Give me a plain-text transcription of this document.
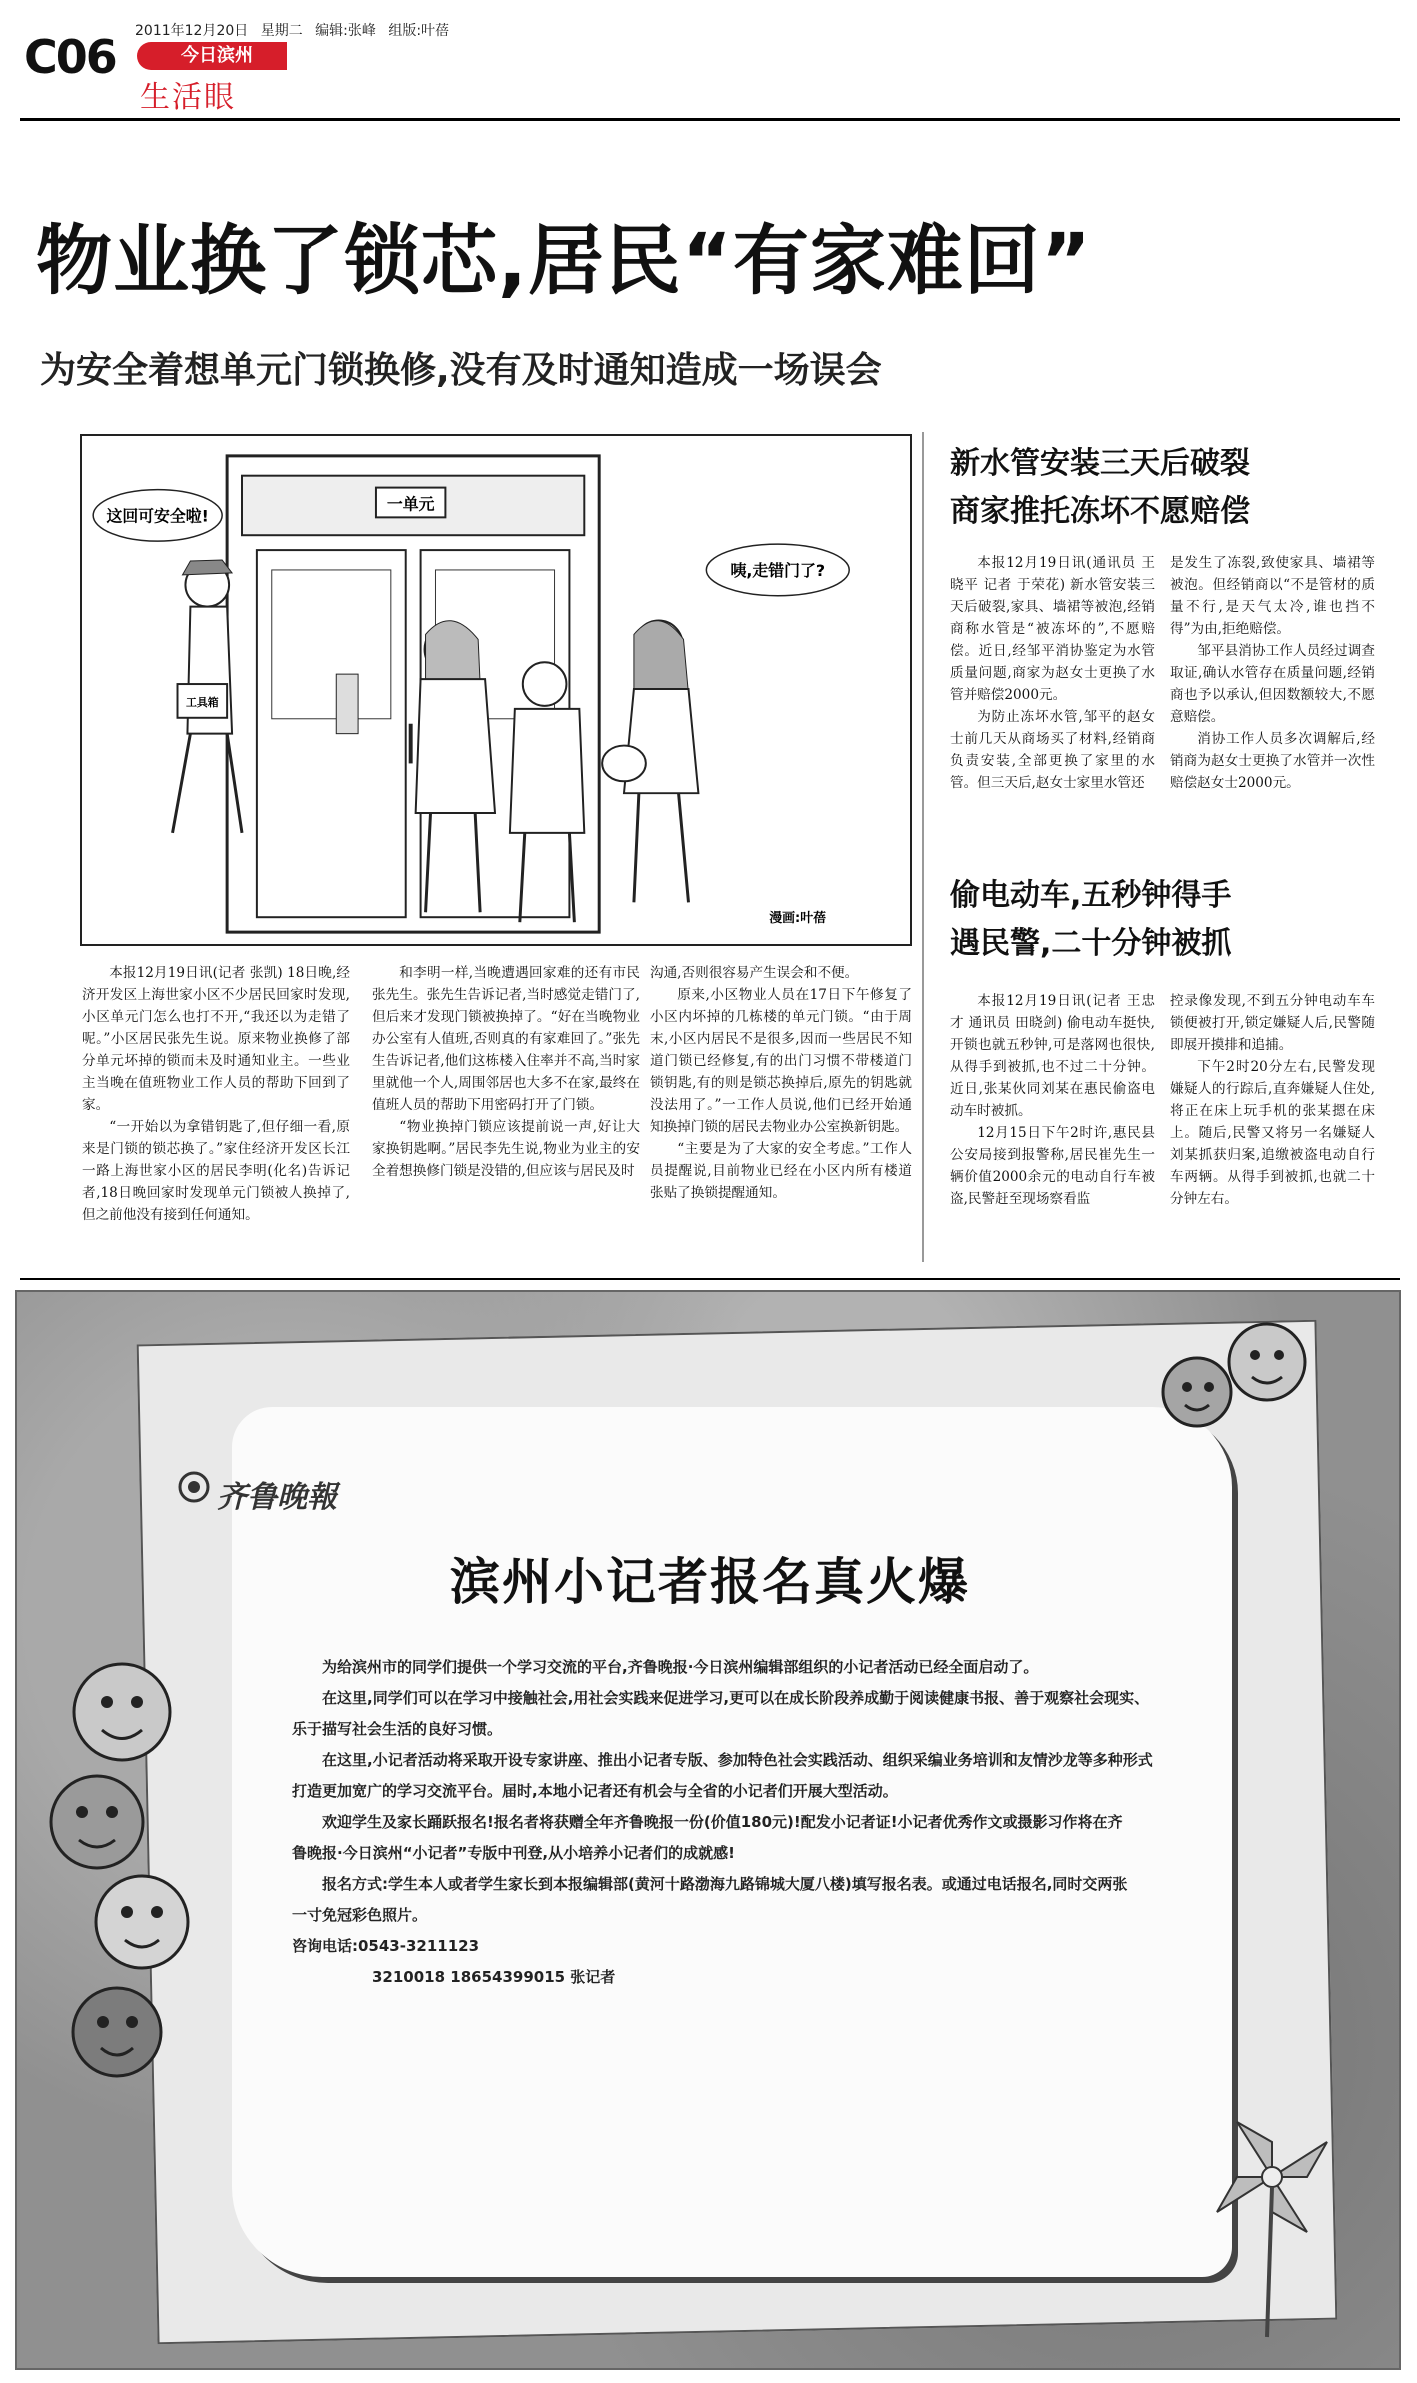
C06 2011年12月20日 星期二 编辑:张峰 组版:叶蓓
今日滨州
生活眼
物业换了锁芯,居民“有家难回”
为安全着想单元门锁换修,没有及时通知造成一场误会
一单元
工具箱
这回可安全啦!
咦,走错门了?
漫画:叶蓓

本报12月19日讯(记者 张凯) 18日晚,经济开发区上海世家小区不少居民回家时发现,小区单元门怎么也打不开,“我还以为走错了呢。”小区居民张先生说。原来物业换修了部分单元坏掉的锁而未及时通知业主。一些业主当晚在值班物业工作人员的帮助下回到了家。

“一开始以为拿错钥匙了,但仔细一看,原来是门锁的锁芯换了。”家住经济开发区长江一路上海世家小区的居民李明(化名)告诉记者,18日晚回家时发现单元门锁被人换掉了,但之前他没有接到任何通知。

和李明一样,当晚遭遇回家难的还有市民张先生。张先生告诉记者,当时感觉走错门了,但后来才发现门锁被换掉了。“好在当晚物业办公室有人值班,否则真的有家难回了。”张先生告诉记者,他们这栋楼入住率并不高,当时家里就他一个人,周围邻居也大多不在家,最终在值班人员的帮助下用密码打开了门锁。

“物业换掉门锁应该提前说一声,好让大家换钥匙啊。”居民李先生说,物业为业主的安全着想换修门锁是没错的,但应该与居民及时

沟通,否则很容易产生误会和不便。

原来,小区物业人员在17日下午修复了小区内坏掉的几栋楼的单元门锁。“由于周末,小区内居民不是很多,因而一些居民不知道门锁已经修复,有的出门习惯不带楼道门锁钥匙,有的则是锁芯换掉后,原先的钥匙就没法用了。”一工作人员说,他们已经开始通知换掉门锁的居民去物业办公室换新钥匙。

“主要是为了大家的安全考虑。”工作人员提醒说,目前物业已经在小区内所有楼道张贴了换锁提醒通知。

新水管安装三天后破裂
商家推托冻坏不愿赔偿

本报12月19日讯(通讯员 王晓平 记者 于荣花) 新水管安装三天后破裂,家具、墙裙等被泡,经销商称水管是“被冻坏的”,不愿赔偿。近日,经邹平消协鉴定为水管质量问题,商家为赵女士更换了水管并赔偿2000元。

为防止冻坏水管,邹平的赵女士前几天从商场买了材料,经销商负责安装,全部更换了家里的水管。但三天后,赵女士家里水管还

是发生了冻裂,致使家具、墙裙等被泡。但经销商以“不是管材的质量不行,是天气太冷,谁也挡不得”为由,拒绝赔偿。

邹平县消协工作人员经过调查取证,确认水管存在质量问题,经销商也予以承认,但因数额较大,不愿意赔偿。

消协工作人员多次调解后,经销商为赵女士更换了水管并一次性赔偿赵女士2000元。

偷电动车,五秒钟得手
遇民警,二十分钟被抓

本报12月19日讯(记者 王忠才 通讯员 田晓剑) 偷电动车挺快,开锁也就五秒钟,可是落网也很快,从得手到被抓,也不过二十分钟。近日,张某伙同刘某在惠民偷盗电动车时被抓。

12月15日下午2时许,惠民县公安局接到报警称,居民崔先生一辆价值2000余元的电动自行车被盗,民警赶至现场察看监

控录像发现,不到五分钟电动车车锁便被打开,锁定嫌疑人后,民警随即展开摸排和追捕。

下午2时20分左右,民警发现嫌疑人的行踪后,直奔嫌疑人住处,将正在床上玩手机的张某摁在床上。随后,民警又将另一名嫌疑人刘某抓获归案,追缴被盗电动自行车两辆。从得手到被抓,也就二十分钟左右。

齐鲁晚報
滨州小记者报名真火爆

为给滨州市的同学们提供一个学习交流的平台,齐鲁晚报·今日滨州编辑部组织的小记者活动已经全面启动了。

在这里,同学们可以在学习中接触社会,用社会实践来促进学习,更可以在成长阶段养成勤于阅读健康书报、善于观察社会现实、

乐于描写社会生活的良好习惯。

在这里,小记者活动将采取开设专家讲座、推出小记者专版、参加特色社会实践活动、组织采编业务培训和友情沙龙等多种形式

打造更加宽广的学习交流平台。届时,本地小记者还有机会与全省的小记者们开展大型活动。

欢迎学生及家长踊跃报名!报名者将获赠全年齐鲁晚报一份(价值180元)!配发小记者证!小记者优秀作文或摄影习作将在齐

鲁晚报·今日滨州“小记者”专版中刊登,从小培养小记者们的成就感!

报名方式:学生本人或者学生家长到本报编辑部(黄河十路渤海九路锦城大厦八楼)填写报名表。或通过电话报名,同时交两张

一寸免冠彩色照片。

咨询电话:0543-3211123

3210018 18654399015 张记者
